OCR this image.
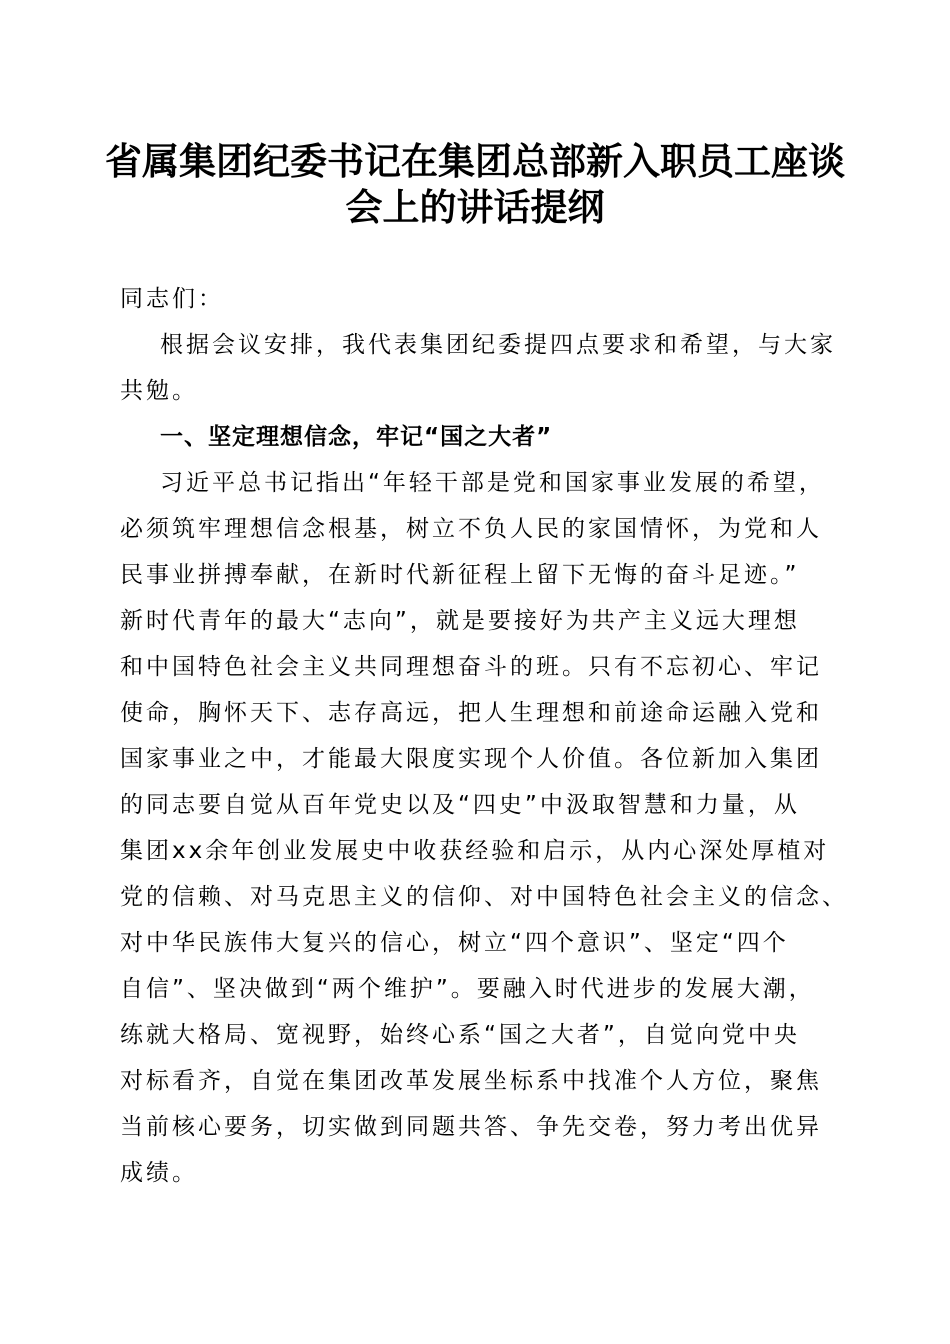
省属集团纪委书记在集团总部新入职员工座谈
会上的讲话提纲
同志们：
根据会议安排，我代表集团纪委提四点要求和希望，与大家
共勉。
一、坚定理想信念，牢记“国之大者”
习近平总书记指出“年轻干部是党和国家事业发展的希望，
必须筑牢理想信念根基，树立不负人民的家国情怀，为党和人
民事业拼搏奉献，在新时代新征程上留下无悔的奋斗足迹。”
新时代青年的最大“志向”，就是要接好为共产主义远大理想
和中国特色社会主义共同理想奋斗的班。只有不忘初心、牢记
使命，胸怀天下、志存高远，把人生理想和前途命运融入党和
国家事业之中，才能最大限度实现个人价值。各位新加入集团
的同志要自觉从百年党史以及“四史”中汲取智慧和力量，从
集团xx余年创业发展史中收获经验和启示，从内心深处厚植对
党的信赖、对马克思主义的信仰、对中国特色社会主义的信念、
对中华民族伟大复兴的信心，树立“四个意识”、坚定“四个
自信”、坚决做到“两个维护”。要融入时代进步的发展大潮，
练就大格局、宽视野，始终心系“国之大者”，自觉向党中央
对标看齐，自觉在集团改革发展坐标系中找准个人方位，聚焦
当前核心要务，切实做到同题共答、争先交卷，努力考出优异
成绩。
